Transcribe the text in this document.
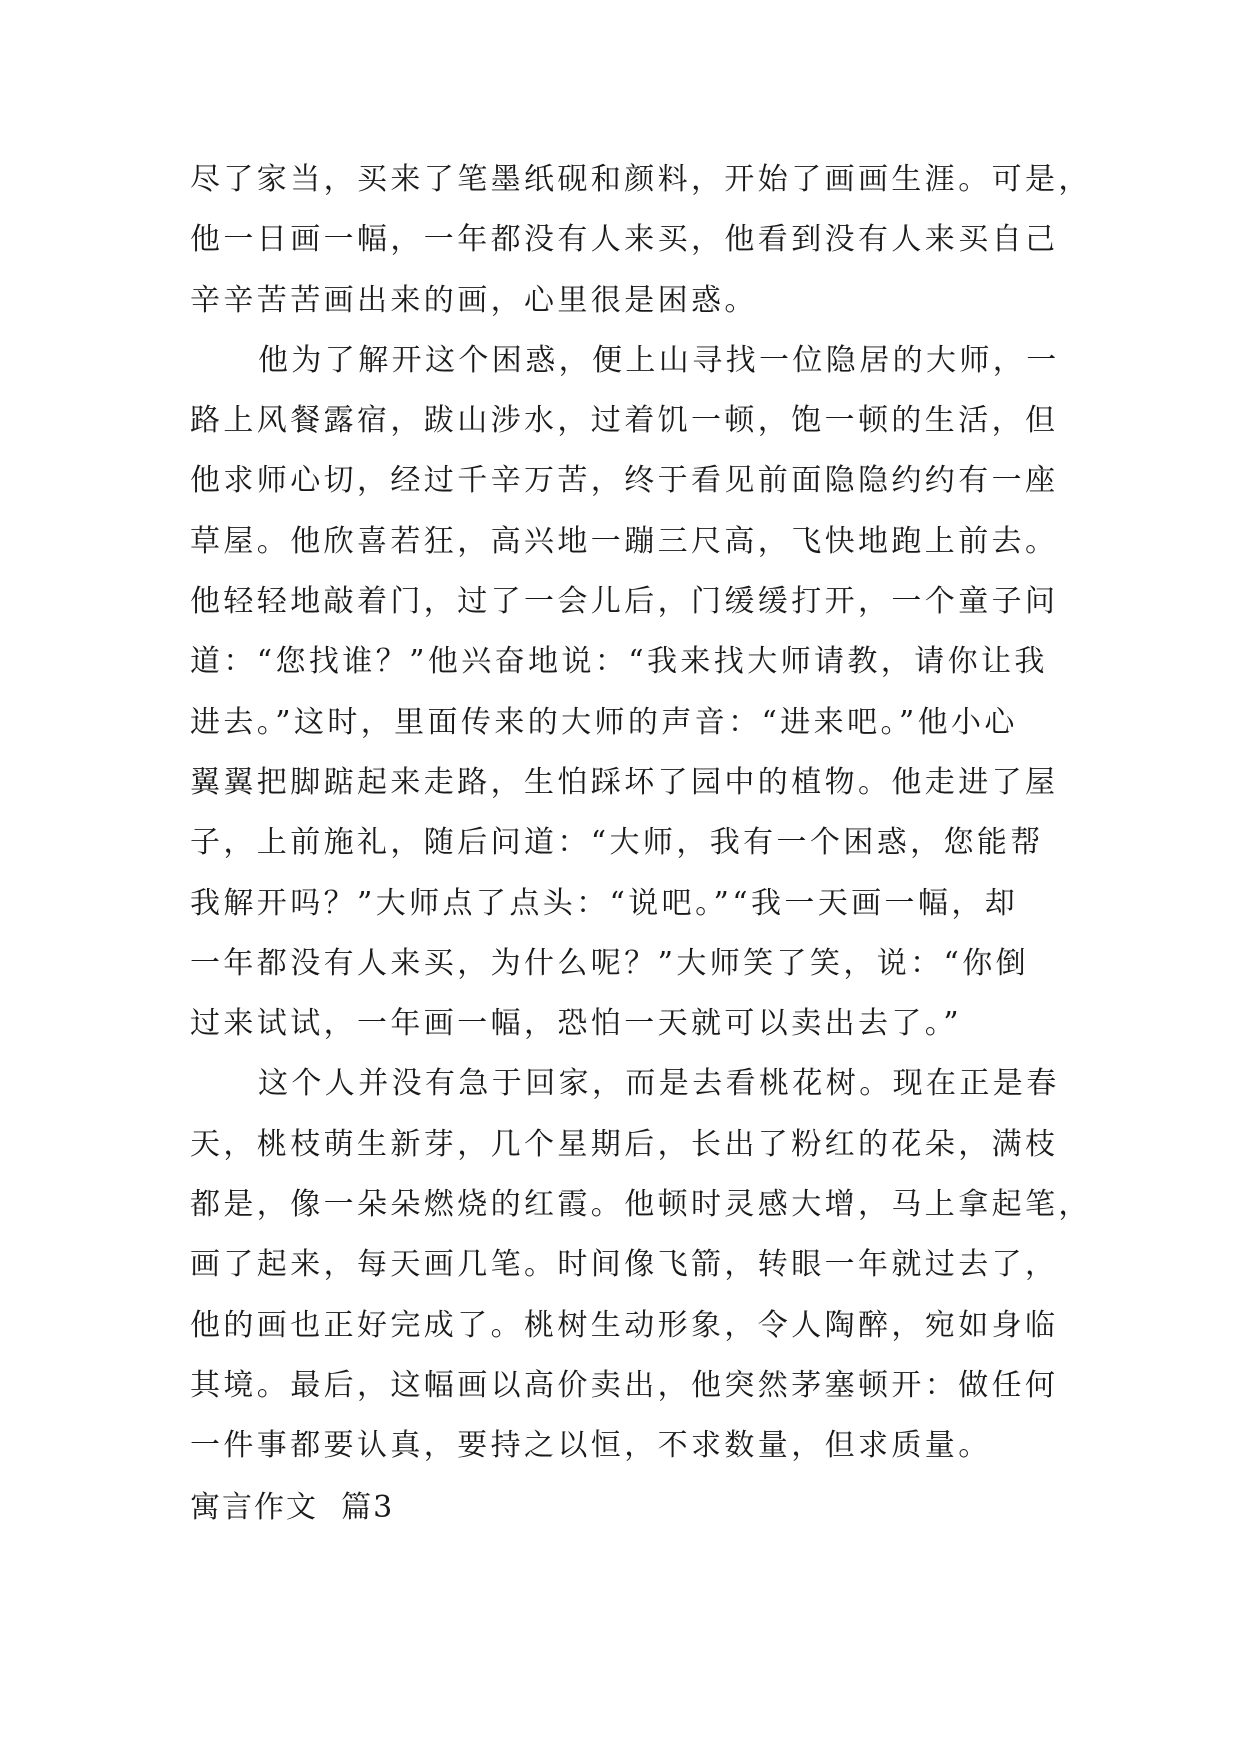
尽了家当，买来了笔墨纸砚和颜料，开始了画画生涯。可是，
他一日画一幅，一年都没有人来买，他看到没有人来买自己
辛辛苦苦画出来的画，心里很是困惑。
他为了解开这个困惑，便上山寻找一位隐居的大师，一
路上风餐露宿，跋山涉水，过着饥一顿，饱一顿的生活，但
他求师心切，经过千辛万苦，终于看见前面隐隐约约有一座
草屋。他欣喜若狂，高兴地一蹦三尺高，飞快地跑上前去。
他轻轻地敲着门，过了一会儿后，门缓缓打开，一个童子问
道：“您找谁？”他兴奋地说：“我来找大师请教，请你让我
进去。”这时，里面传来的大师的声音：“进来吧。”他小心
翼翼把脚踮起来走路，生怕踩坏了园中的植物。他走进了屋
子，上前施礼，随后问道：“大师，我有一个困惑，您能帮
我解开吗？”大师点了点头：“说吧。”“我一天画一幅，却
一年都没有人来买，为什么呢？”大师笑了笑，说：“你倒
过来试试，一年画一幅，恐怕一天就可以卖出去了。”
这个人并没有急于回家，而是去看桃花树。现在正是春
天，桃枝萌生新芽，几个星期后，长出了粉红的花朵，满枝
都是，像一朵朵燃烧的红霞。他顿时灵感大增，马上拿起笔，
画了起来，每天画几笔。时间像飞箭，转眼一年就过去了，
他的画也正好完成了。桃树生动形象，令人陶醉，宛如身临
其境。最后，这幅画以高价卖出，他突然茅塞顿开：做任何
一件事都要认真，要持之以恒，不求数量，但求质量。
寓言作文  篇3
